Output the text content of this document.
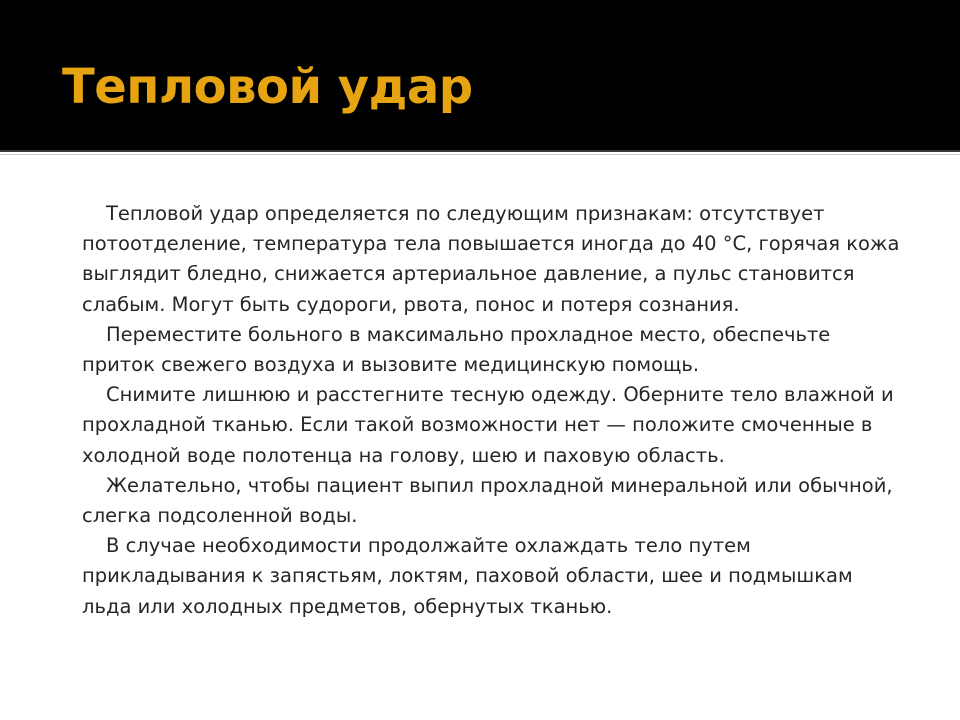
Тепловой удар

Тепловой удар определяется по следующим признакам: отсутствует потоотделение, температура тела повышается иногда до 40 °С, горячая кожа выглядит бледно, снижается артериальное давление, а пульс становится слабым. Могут быть судороги, рвота, понос и потеря сознания.

Переместите больного в максимально прохладное место, обеспечьте приток свежего воздуха и вызовите медицинскую помощь.

Снимите лишнюю и расстегните тесную одежду. Оберните тело влажной и прохладной тканью. Если такой возможности нет — положите смоченные в холодной воде полотенца на голову, шею и паховую область.

Желательно, чтобы пациент выпил прохладной минеральной или обычной, слегка подсоленной воды.

В случае необходимости продолжайте охлаждать тело путем прикладывания к запястьям, локтям, паховой области, шее и подмышкам льда или холодных предметов, обернутых тканью.
